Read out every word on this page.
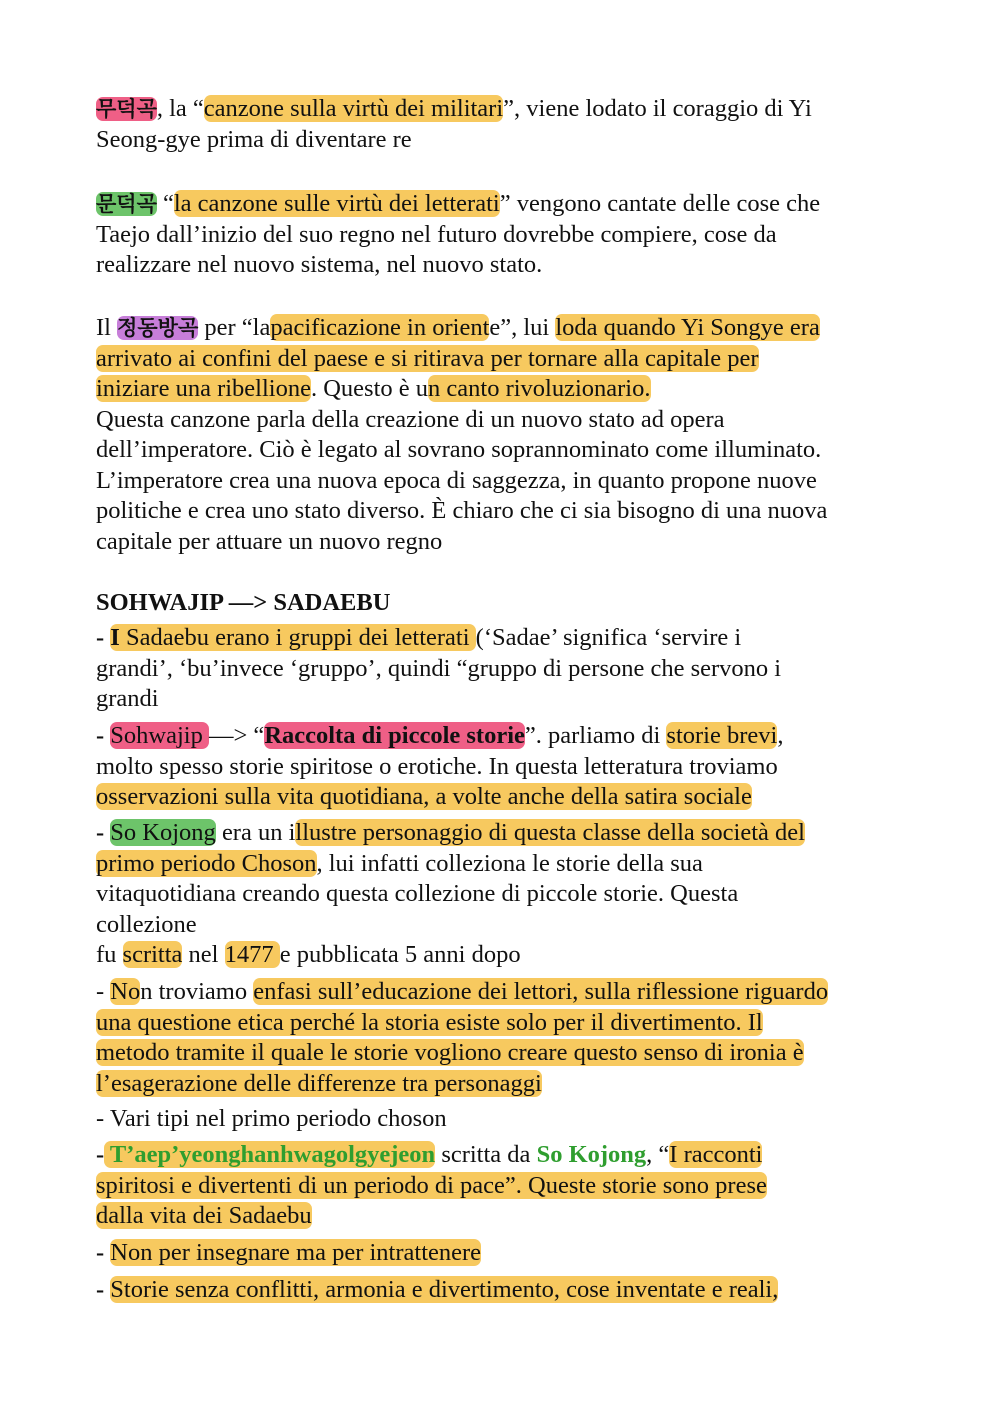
무덕곡, la “canzone sulla virtù dei militari”, viene lodato il coraggio di Yi
Seong-gye prima di diventare re
문덕곡 “la canzone sulle virtù dei letterati” vengono cantate delle cose che
Taejo dall’inizio del suo regno nel futuro dovrebbe compiere, cose da
realizzare nel nuovo sistema, nel nuovo stato.
Il 정동방곡 per “lapacificazione in oriente”, lui loda quando Yi Songye era
arrivato ai confini del paese e si ritirava per tornare alla capitale per
iniziare una ribellione. Questo è un canto rivoluzionario.
Questa canzone parla della creazione di un nuovo stato ad opera
dell’imperatore. Ciò è legato al sovrano soprannominato come illuminato.
L’imperatore crea una nuova epoca di saggezza, in quanto propone nuove
politiche e crea uno stato diverso. È chiaro che ci sia bisogno di una nuova
capitale per attuare un nuovo regno
SOHWAJIP —> SADAEBU
- I Sadaebu erano i gruppi dei letterati (‘Sadae’ significa ‘servire i
grandi’, ‘bu’invece ‘gruppo’, quindi “gruppo di persone che servono i
grandi
- Sohwajip —> “Raccolta di piccole storie”. parliamo di storie brevi,
molto spesso storie spiritose o erotiche. In questa letteratura troviamo
osservazioni sulla vita quotidiana, a volte anche della satira sociale
- So Kojong era un illustre personaggio di questa classe della società del
primo periodo Choson, lui infatti colleziona le storie della sua
vitaquotidiana creando questa collezione di piccole storie. Questa
collezione
fu scritta nel 1477 e pubblicata 5 anni dopo
- Non troviamo enfasi sull’educazione dei lettori, sulla riflessione riguardo
una questione etica perché la storia esiste solo per il divertimento. Il
metodo tramite il quale le storie vogliono creare questo senso di ironia è
l’esagerazione delle differenze tra personaggi
- Vari tipi nel primo periodo choson
- T’aep’yeonghanhwagolgyejeon scritta da So Kojong, “I racconti
spiritosi e divertenti di un periodo di pace”. Queste storie sono prese
dalla vita dei Sadaebu
- Non per insegnare ma per intrattenere
- Storie senza conflitti, armonia e divertimento, cose inventate e reali,
